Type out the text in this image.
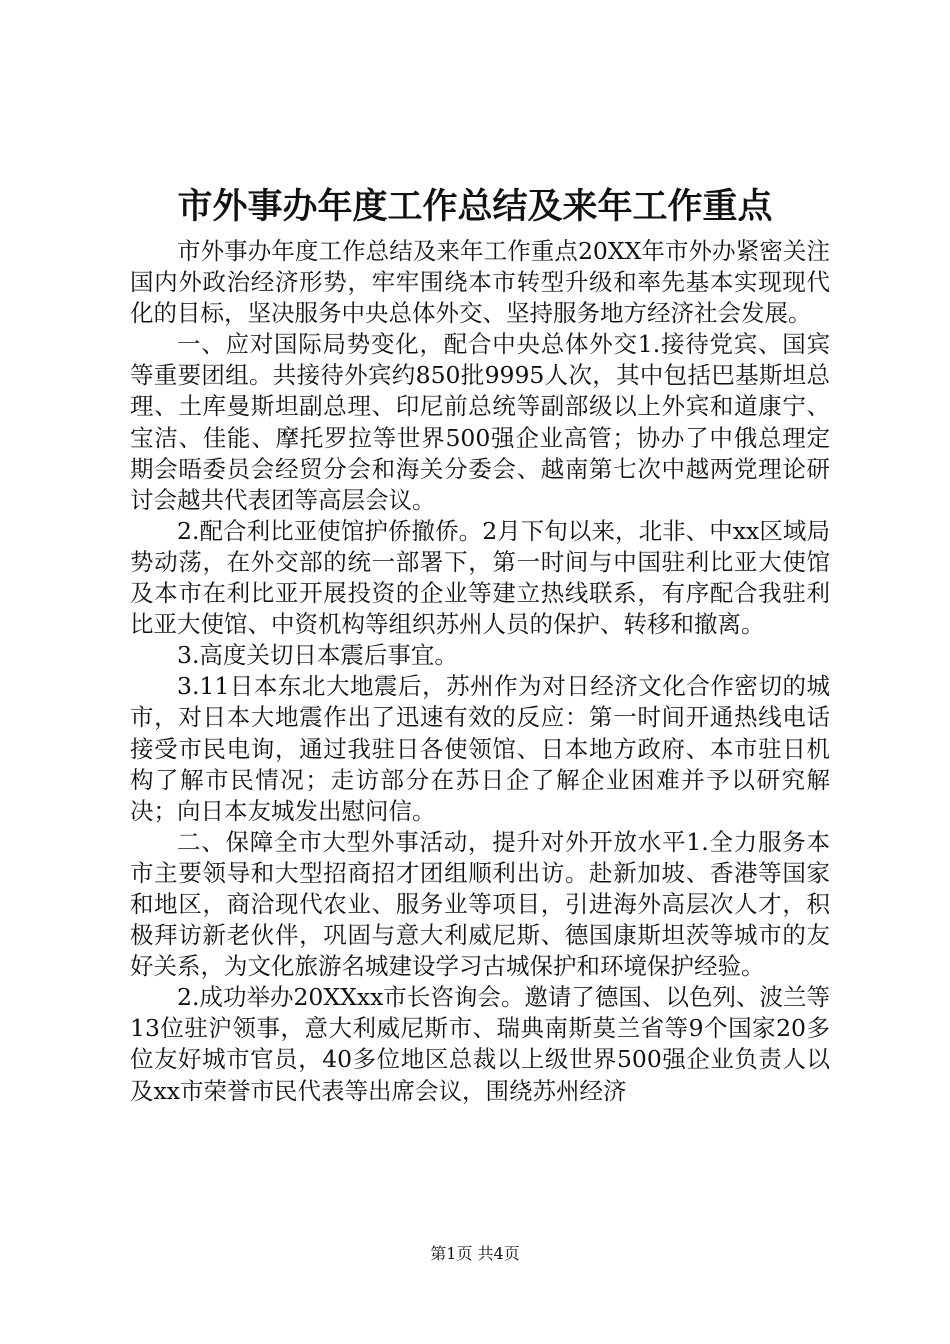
市外事办年度工作总结及来年工作重点

市外事办年度工作总结及来年工作重点20XX年市外办紧密关注国内外政治经济形势，牢牢围绕本市转型升级和率先基本实现现代化的目标，坚决服务中央总体外交、坚持服务地方经济社会发展。

一、应对国际局势变化，配合中央总体外交1.接待党宾、国宾等重要团组。共接待外宾约850批9995人次，其中包括巴基斯坦总理、土库曼斯坦副总理、印尼前总统等副部级以上外宾和道康宁、宝洁、佳能、摩托罗拉等世界500强企业高管；协办了中俄总理定期会晤委员会经贸分会和海关分委会、越南第七次中越两党理论研讨会越共代表团等高层会议。

2.配合利比亚使馆护侨撤侨。2月下旬以来，北非、中xx区域局势动荡，在外交部的统一部署下，第一时间与中国驻利比亚大使馆及本市在利比亚开展投资的企业等建立热线联系，有序配合我驻利比亚大使馆、中资机构等组织苏州人员的保护、转移和撤离。

3.高度关切日本震后事宜。

3.11日本东北大地震后，苏州作为对日经济文化合作密切的城市，对日本大地震作出了迅速有效的反应：第一时间开通热线电话接受市民电询，通过我驻日各使领馆、日本地方政府、本市驻日机构了解市民情况；走访部分在苏日企了解企业困难并予以研究解决；向日本友城发出慰问信。

二、保障全市大型外事活动，提升对外开放水平1.全力服务本市主要领导和大型招商招才团组顺利出访。赴新加坡、香港等国家和地区，商洽现代农业、服务业等项目，引进海外高层次人才，积极拜访新老伙伴，巩固与意大利威尼斯、德国康斯坦茨等城市的友好关系，为文化旅游名城建设学习古城保护和环境保护经验。

2.成功举办20XXxx市长咨询会。邀请了德国、以色列、波兰等13位驻沪领事，意大利威尼斯市、瑞典南斯莫兰省等9个国家20多位友好城市官员，40多位地区总裁以上级世界500强企业负责人以及xx市荣誉市民代表等出席会议，围绕苏州经济

第1页 共4页
